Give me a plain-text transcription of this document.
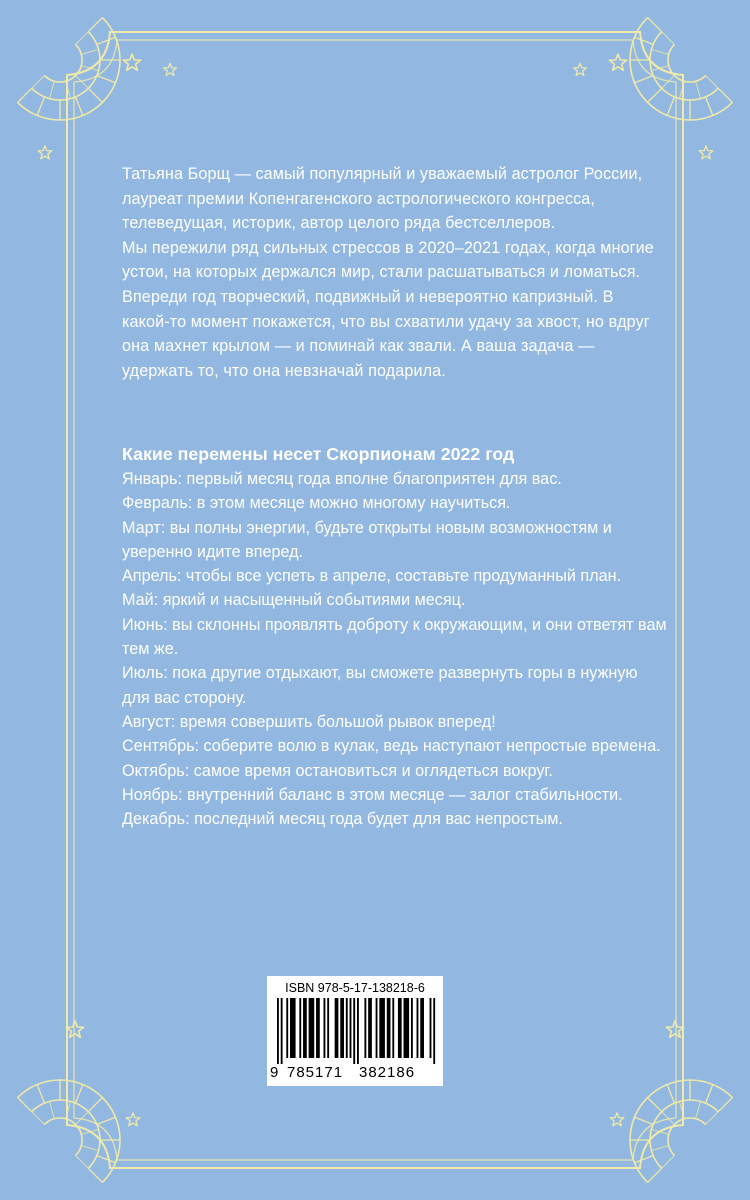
Татьяна Борщ — самый популярный и уважаемый астролог России, лауреат премии Копенгагенского астрологического конгресса, телеведущая, историк, автор целого ряда бестселлеров.

Мы пережили ряд сильных стрессов в 2020–2021 годах, когда многие устои, на которых держался мир, стали расшатываться и ломаться.

Впереди год творческий, подвижный и невероятно капризный. В какой-то момент покажется, что вы схватили удачу за хвост, но вдруг она махнет крылом — и поминай как звали. А ваша задача — удержать то, что она невзначай подарила.

Какие перемены несет Скорпионам 2022 год

Январь: первый месяц года вполне благоприятен для вас.

Февраль: в этом месяце можно многому научиться.

Март: вы полны энергии, будьте открыты новым возможностям и уверенно идите вперед.

Апрель: чтобы все успеть в апреле, составьте продуманный план.

Май: яркий и насыщенный событиями месяц.

Июнь: вы склонны проявлять доброту к окружающим, и они ответят вам тем же.

Июль: пока другие отдыхают, вы сможете развернуть горы в нужную для вас сторону.

Август: время совершить большой рывок вперед!

Сентябрь: соберите волю в кулак, ведь наступают непростые времена.

Октябрь: самое время остановиться и оглядеться вокруг.

Ноябрь: внутренний баланс в этом месяце — залог стабильности.

Декабрь: последний месяц года будет для вас непростым.

ISBN 978-5-17-138218-6
9 785171 382186
